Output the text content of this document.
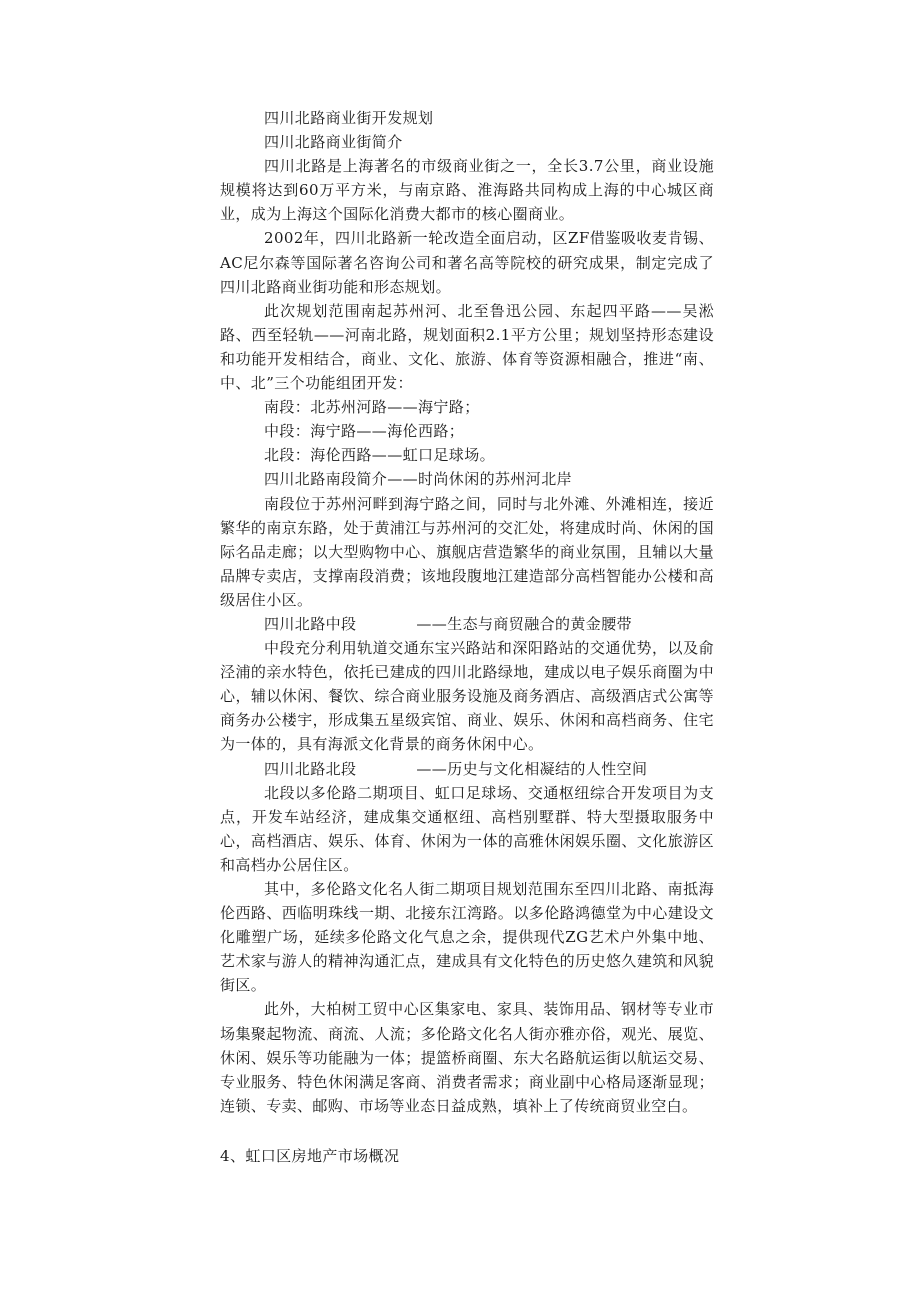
四川北路商业街开发规划

四川北路商业街简介

四川北路是上海著名的市级商业街之一，全长3.7公里，商业设施规模将达到60万平方米，与南京路、淮海路共同构成上海的中心城区商业，成为上海这个国际化消费大都市的核心圈商业。

2002年，四川北路新一轮改造全面启动，区ZF借鉴吸收麦肯锡、AC尼尔森等国际著名咨询公司和著名高等院校的研究成果，制定完成了四川北路商业街功能和形态规划。

此次规划范围南起苏州河、北至鲁迅公园、东起四平路——吴淞路、西至轻轨——河南北路，规划面积2.1平方公里；规划坚持形态建设和功能开发相结合，商业、文化、旅游、体育等资源相融合，推进“南、中、北”三个功能组团开发：

南段：北苏州河路——海宁路；

中段：海宁路——海伦西路；

北段：海伦西路——虹口足球场。

四川北路南段简介——时尚休闲的苏州河北岸

南段位于苏州河畔到海宁路之间，同时与北外滩、外滩相连，接近繁华的南京东路，处于黄浦江与苏州河的交汇处，将建成时尚、休闲的国际名品走廊；以大型购物中心、旗舰店营造繁华的商业氛围，且辅以大量品牌专卖店，支撑南段消费；该地段腹地江建造部分高档智能办公楼和高级居住小区。

四川北路中段	——生态与商贸融合的黄金腰带

中段充分利用轨道交通东宝兴路站和深阳路站的交通优势，以及俞泾浦的亲水特色，依托已建成的四川北路绿地，建成以电子娱乐商圈为中心，辅以休闲、餐饮、综合商业服务设施及商务酒店、高级酒店式公寓等商务办公楼宇，形成集五星级宾馆、商业、娱乐、休闲和高档商务、住宅为一体的，具有海派文化背景的商务休闲中心。

四川北路北段	——历史与文化相凝结的人性空间

北段以多伦路二期项目、虹口足球场、交通枢纽综合开发项目为支点，开发车站经济，建成集交通枢纽、高档别墅群、特大型摄取服务中心，高档酒店、娱乐、体育、休闲为一体的高雅休闲娱乐圈、文化旅游区和高档办公居住区。

其中，多伦路文化名人街二期项目规划范围东至四川北路、南抵海伦西路、西临明珠线一期、北接东江湾路。以多伦路鸿德堂为中心建设文化雕塑广场，延续多伦路文化气息之余，提供现代ZG艺术户外集中地、艺术家与游人的精神沟通汇点，建成具有文化特色的历史悠久建筑和风貌街区。

此外，大柏树工贸中心区集家电、家具、装饰用品、钢材等专业市场集聚起物流、商流、人流；多伦路文化名人街亦雅亦俗，观光、展览、休闲、娱乐等功能融为一体；提篮桥商圈、东大名路航运街以航运交易、专业服务、特色休闲满足客商、消费者需求；商业副中心格局逐渐显现；连锁、专卖、邮购、市场等业态日益成熟，填补上了传统商贸业空白。

4、虹口区房地产市场概况
